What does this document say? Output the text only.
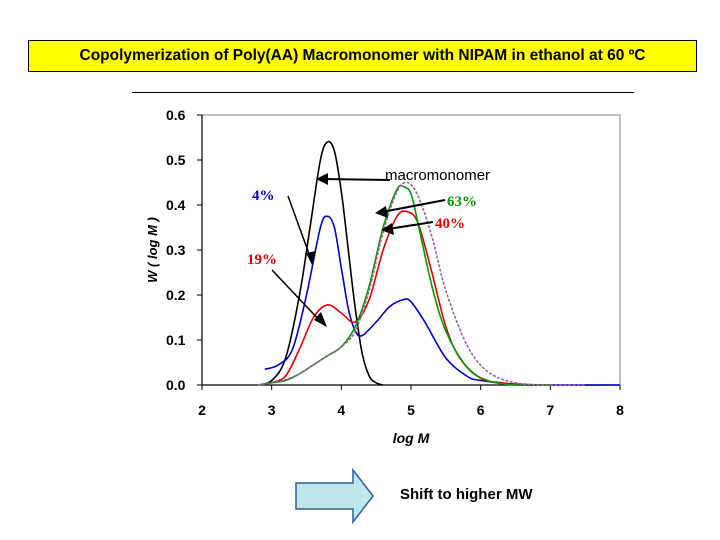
Copolymerization of Poly(AA) Macromonomer with NIPAM in ethanol at 60 ºC
2	3	4	5	6	7	8
0.0
0.1
0.2
0.3
0.4
0.5
0.6
log M
W ( log M )
4%
19%
macromonomer
63%
40%
Shift to higher MW
